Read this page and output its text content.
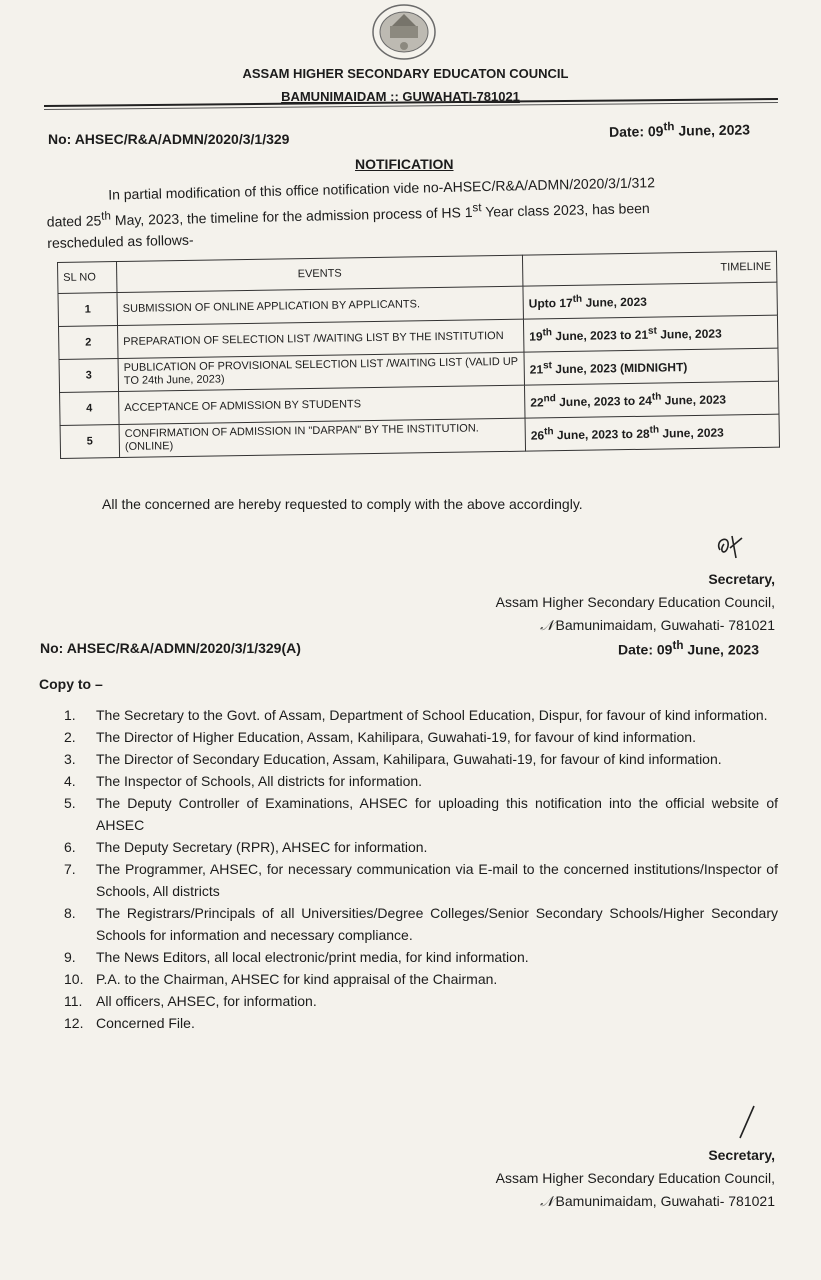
ASSAM HIGHER SECONDARY EDUCATON COUNCIL
BAMUNIMAIDAM :: GUWAHATI-781021
No: AHSEC/R&A/ADMN/2020/3/1/329	Date: 09th June, 2023
NOTIFICATION
In partial modification of this office notification vide no-AHSEC/R&A/ADMN/2020/3/1/312
dated 25th May, 2023, the timeline for the admission process of HS 1st Year class 2023, has been
rescheduled as follows-
SL NO	EVENTS	TIMELINE
1	SUBMISSION OF ONLINE APPLICATION BY APPLICANTS.	Upto 17th June, 2023
2	PREPARATION OF SELECTION LIST /WAITING LIST BY THE INSTITUTION	19th June, 2023 to 21st June, 2023
3	PUBLICATION OF PROVISIONAL SELECTION LIST /WAITING LIST (VALID UP TO 24th June, 2023)	21st June, 2023 (MIDNIGHT)
4	ACCEPTANCE OF ADMISSION BY STUDENTS	22nd June, 2023 to 24th June, 2023
5	CONFIRMATION OF ADMISSION IN "DARPAN" BY THE INSTITUTION. (ONLINE)	26th June, 2023 to 28th June, 2023
All the concerned are hereby requested to comply with the above accordingly.
Secretary,
Assam Higher Secondary Education Council,
𝒩 Bamunimaidam, Guwahati- 781021
No: AHSEC/R&A/ADMN/2020/3/1/329(A)	Date: 09th June, 2023
Copy to –
1.	The Secretary to the Govt. of Assam, Department of School Education, Dispur, for favour of kind information.
2.	The Director of Higher Education, Assam, Kahilipara, Guwahati-19, for favour of kind information.
3.	The Director of Secondary Education, Assam, Kahilipara, Guwahati-19, for favour of kind information.
4.	The Inspector of Schools, All districts for information.
5.	The Deputy Controller of Examinations, AHSEC for uploading this notification into the official website of AHSEC
6.	The Deputy Secretary (RPR), AHSEC for information.
7.	The Programmer, AHSEC, for necessary communication via E-mail to the concerned institutions/Inspector of Schools, All districts
8.	The Registrars/Principals of all Universities/Degree Colleges/Senior Secondary Schools/Higher Secondary Schools for information and necessary compliance.
9.	The News Editors, all local electronic/print media, for kind information.
10. P.A. to the Chairman, AHSEC for kind appraisal of the Chairman.
11. All officers, AHSEC, for information.
12. Concerned File.
Secretary,
Assam Higher Secondary Education Council,
𝒩 Bamunimaidam, Guwahati- 781021
